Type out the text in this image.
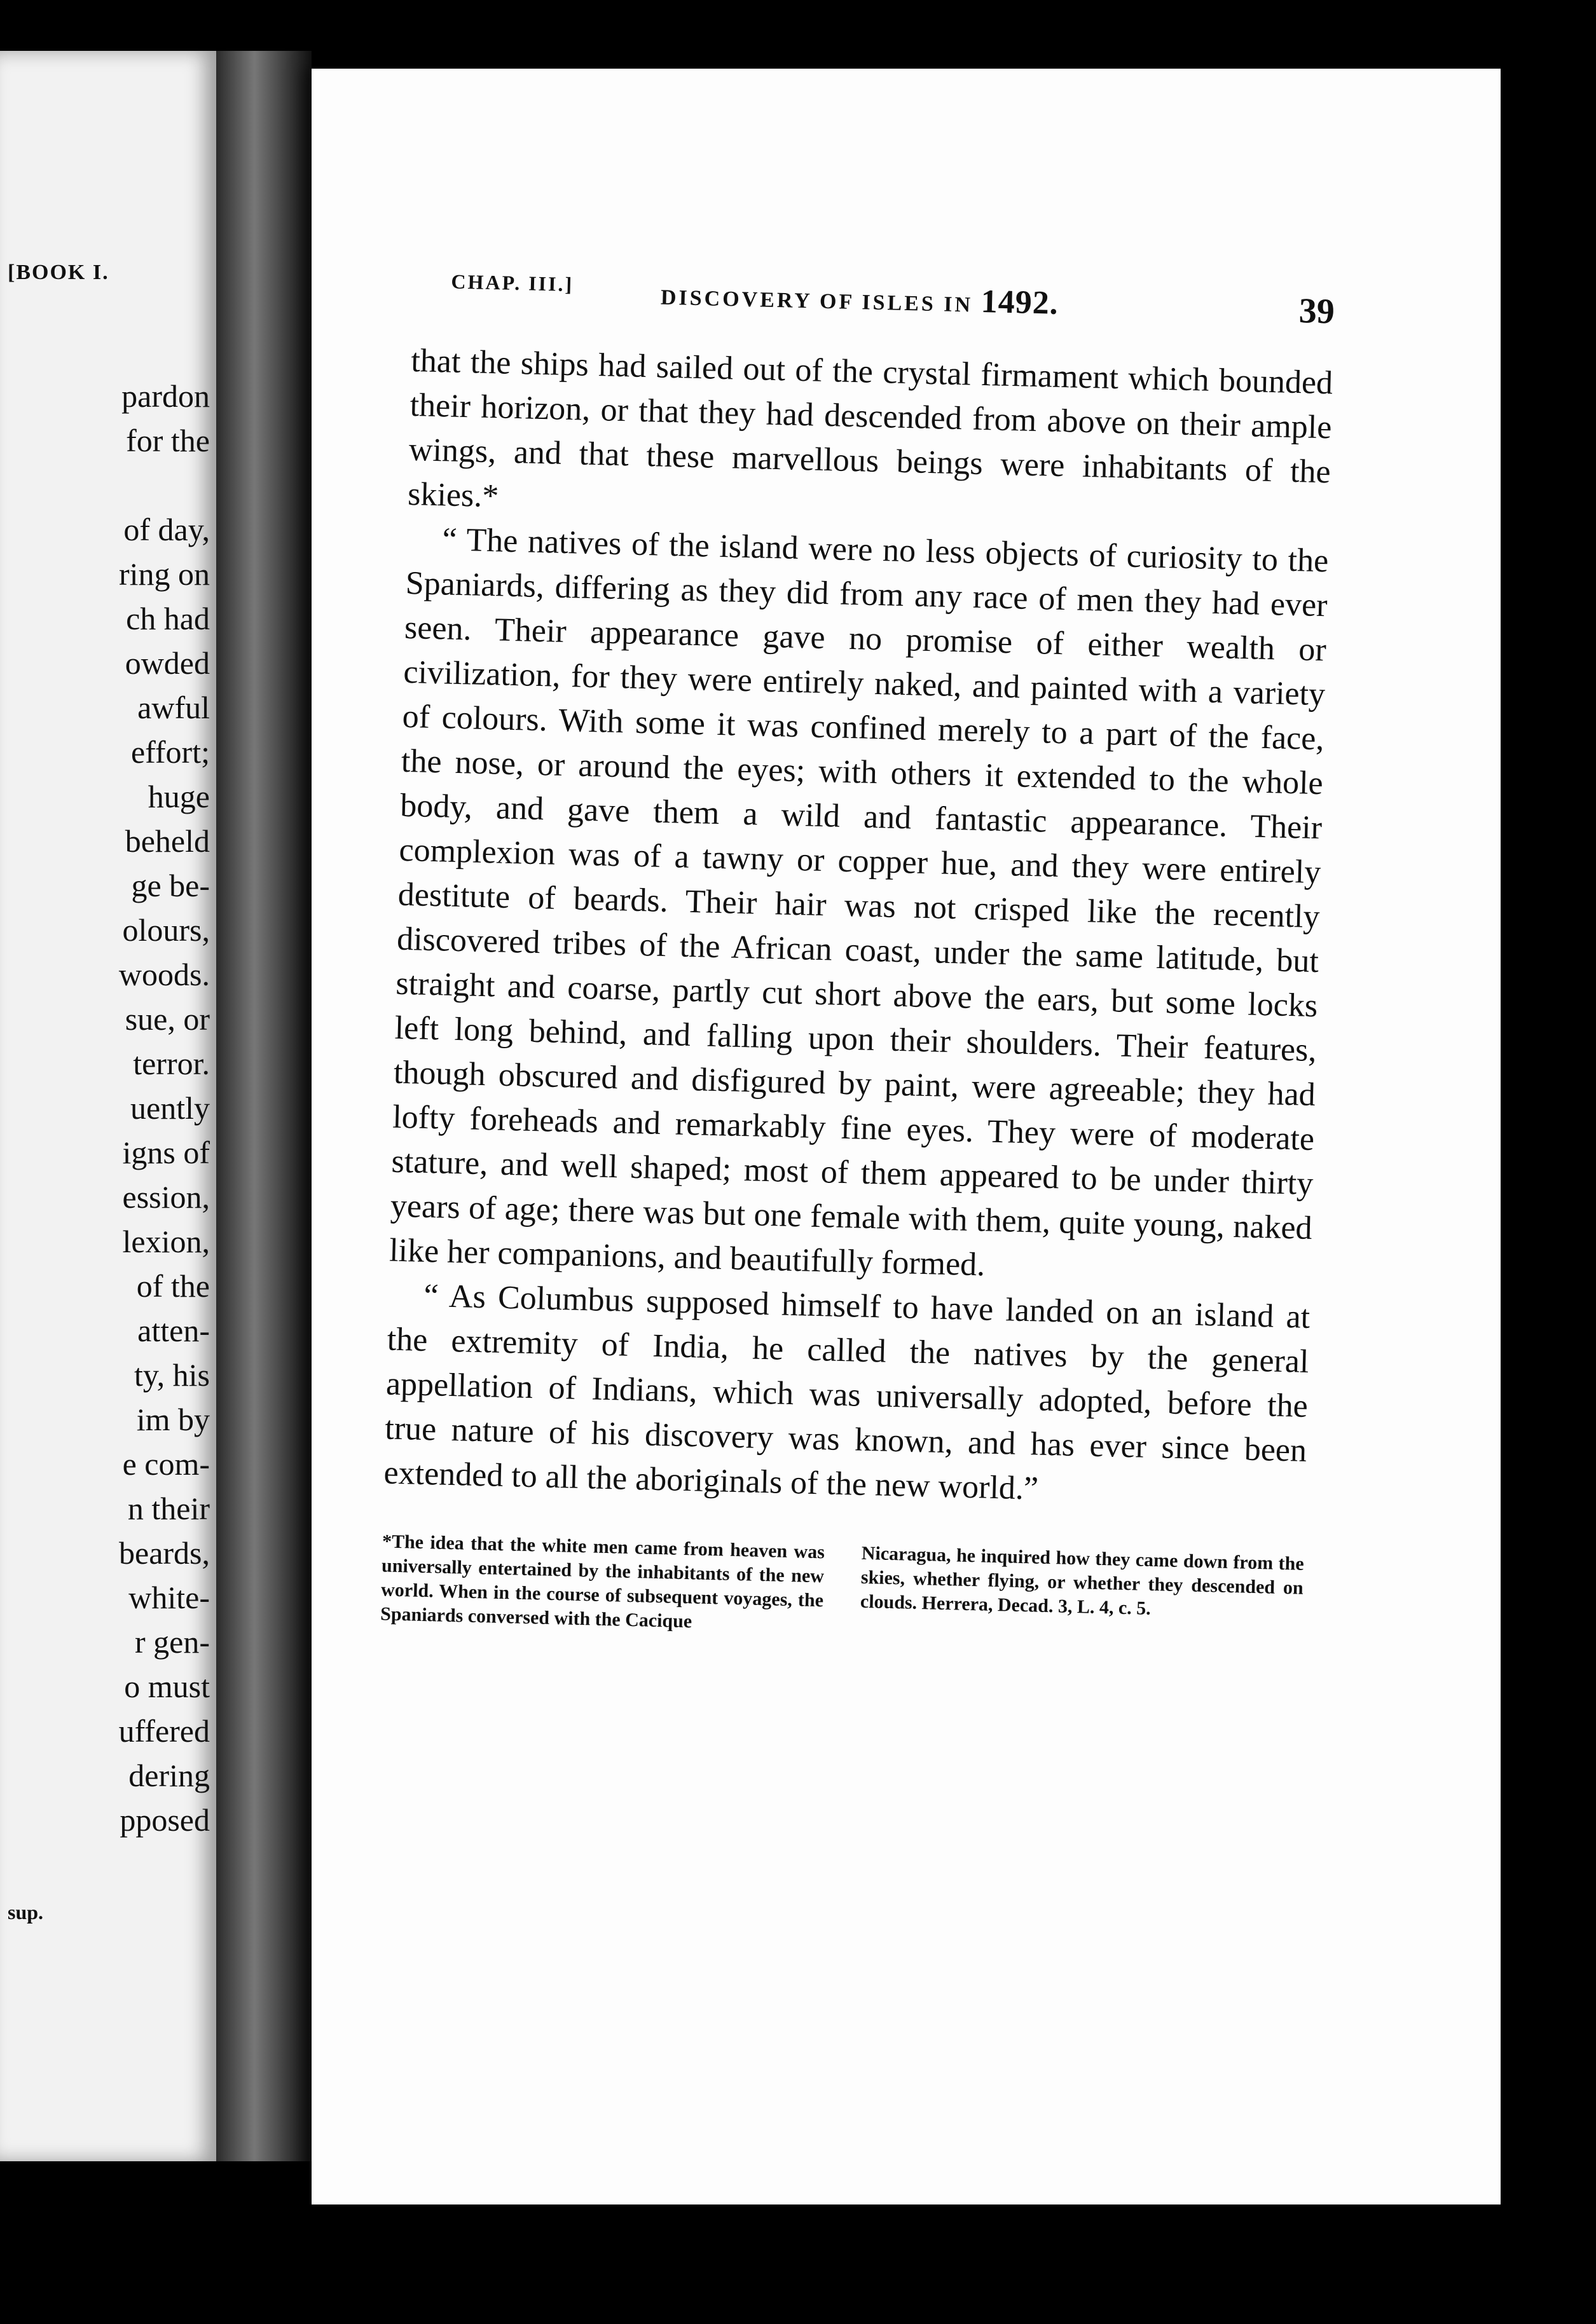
[BOOK I.
pardon
for the

of day,
ring on
ch had
owded
awful
effort;
huge
beheld
ge be-
olours,
woods.
sue, or
terror.
uently
igns of
ession,
lexion,
of the
atten-
ty, his
im by
e com-
n their
beards,
white-
r gen-
o must
uffered
dering
pposed
sup.
CHAP. III.]
DISCOVERY OF ISLES IN 1492.	39

that the ships had sailed out of the crystal firmament which bounded their horizon, or that they had descended from above on their ample wings, and that these marvellous beings were inhabitants of the skies.*

“ The natives of the island were no less objects of curiosity to the Spaniards, differing as they did from any race of men they had ever seen. Their appearance gave no promise of either wealth or civilization, for they were entirely naked, and painted with a variety of colours. With some it was confined merely to a part of the face, the nose, or around the eyes; with others it extended to the whole body, and gave them a wild and fantastic appearance. Their complexion was of a tawny or copper hue, and they were entirely destitute of beards. Their hair was not crisped like the recently discovered tribes of the African coast, under the same latitude, but straight and coarse, partly cut short above the ears, but some locks left long behind, and falling upon their shoulders. Their features, though obscured and disfigured by paint, were agreeable; they had lofty foreheads and remarkably fine eyes. They were of moderate stature, and well shaped; most of them appeared to be under thirty years of age; there was but one female with them, quite young, naked like her companions, and beautifully formed.

“ As Columbus supposed himself to have landed on an island at the extremity of India, he called the natives by the general appellation of Indians, which was universally adopted, before the true nature of his discovery was known, and has ever since been extended to all the aboriginals of the new world.”

*The idea that the white men came from heaven was universally entertained by the inhabitants of the new world. When in the course of subsequent voyages, the Spaniards conversed with the Cacique
Nicaragua, he inquired how they came down from the skies, whether flying, or whether they descended on clouds. Herrera, Decad. 3, L. 4, c. 5.
